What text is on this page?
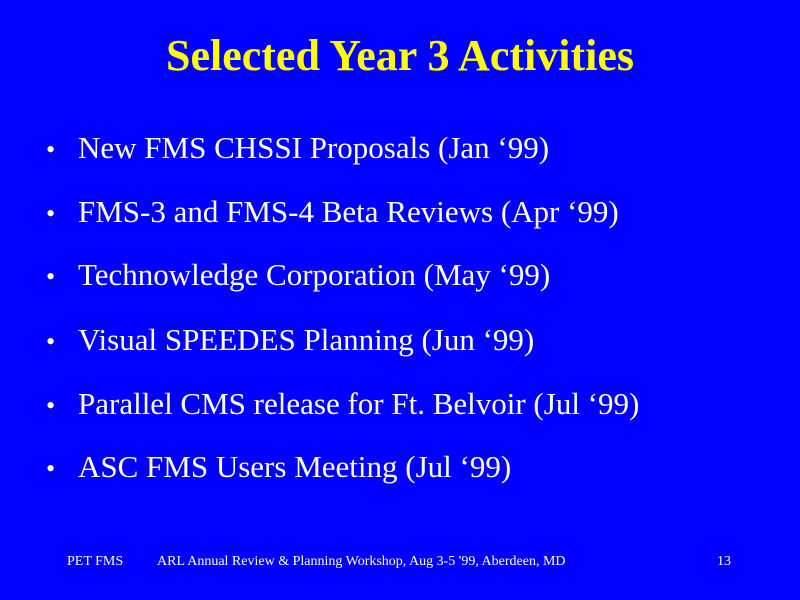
Selected Year 3 Activities
• New FMS CHSSI Proposals (Jan ‘99)
• FMS-3 and FMS-4 Beta Reviews (Apr ‘99)
• Technowledge Corporation (May ‘99)
• Visual SPEEDES Planning (Jun ‘99)
• Parallel CMS release for Ft. Belvoir (Jul ‘99)
• ASC FMS Users Meeting (Jul ‘99)
PET FMS ARL Annual Review & Planning Workshop, Aug 3-5 '99, Aberdeen, MD	13
